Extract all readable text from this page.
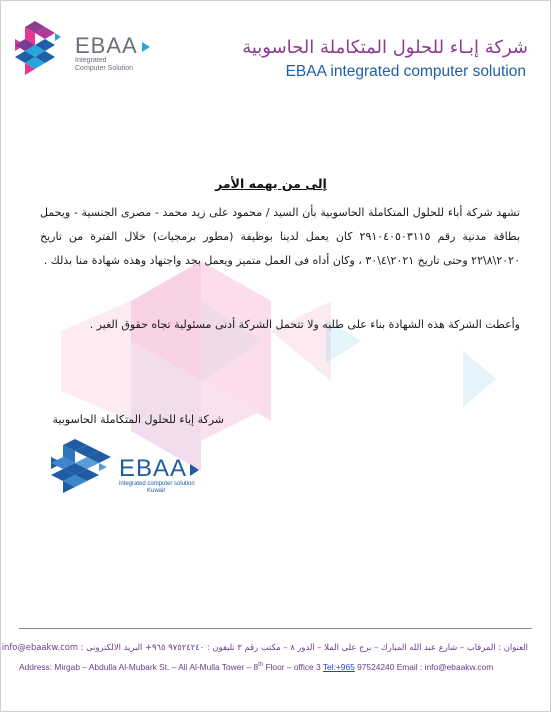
EBAA
Integrated Computer Solution
شركة إبـاء للحلول المتكاملة الحاسوبية
EBAA integrated computer solution
إلى من يهمه الأمر
تشهد شركة أباء للحلول المتكاملة الحاسوبية بأن السيد / محمود على زيد محمد - مصرى الجنسية - ويحمل بطاقة مدنية رقم ٢٩١٠٤٠٥٠٣١١٥ كان يعمل لدينا بوظيفة (مطور برمجيات) خلال الفترة من تاريخ ٢٠٢٠\٨\٢٢ وحتى تاريخ ٢٠٢١\٤\٣٠ ، وكان أداه فى العمل متميز ويعمل بجد واجتهاد وهذه شهادة منا بذلك .
وأعطت الشركة هذه الشهادة بناء على طلبه ولا تتحمل الشركة أدنى مسئولية تجاه حقوق الغير .
شركة إباء للحلول المتكاملة الحاسوبية
EBAA
integrated computer solution
Kuwait
العنوان : المرقاب – شارع عبد الله المبارك – برج على الملا – الدور ٨ – مكتب رقم ٣ تليفون : ٩٧٥٢٤٢٤٠ ٩٦٥+ البريد الالكترونى : info@ebaakw.com
Address: Mirgab – Abdulla Al-Mubark St. – Ali Al-Mulla Tower – 8th Floor – office 3 Tel:+965 97524240 Email : info@ebaakw.com
